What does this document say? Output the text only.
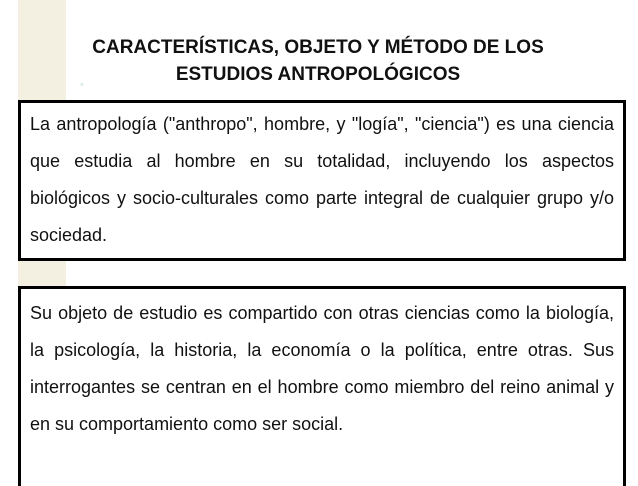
CARACTERÍSTICAS, OBJETO Y MÉTODO DE LOS
ESTUDIOS ANTROPOLÓGICOS
◦

La antropología ("anthropo", hombre, y "logía", "ciencia") es una ciencia que estudia al hombre en su totalidad, incluyendo los aspectos biológicos y socio-culturales como parte integral de cualquier grupo y/o sociedad.

Su objeto de estudio es compartido con otras ciencias como la biología, la psicología, la historia, la economía o la política, entre otras. Sus interrogantes se centran en el hombre como miembro del reino animal y en su comportamiento como ser social.
